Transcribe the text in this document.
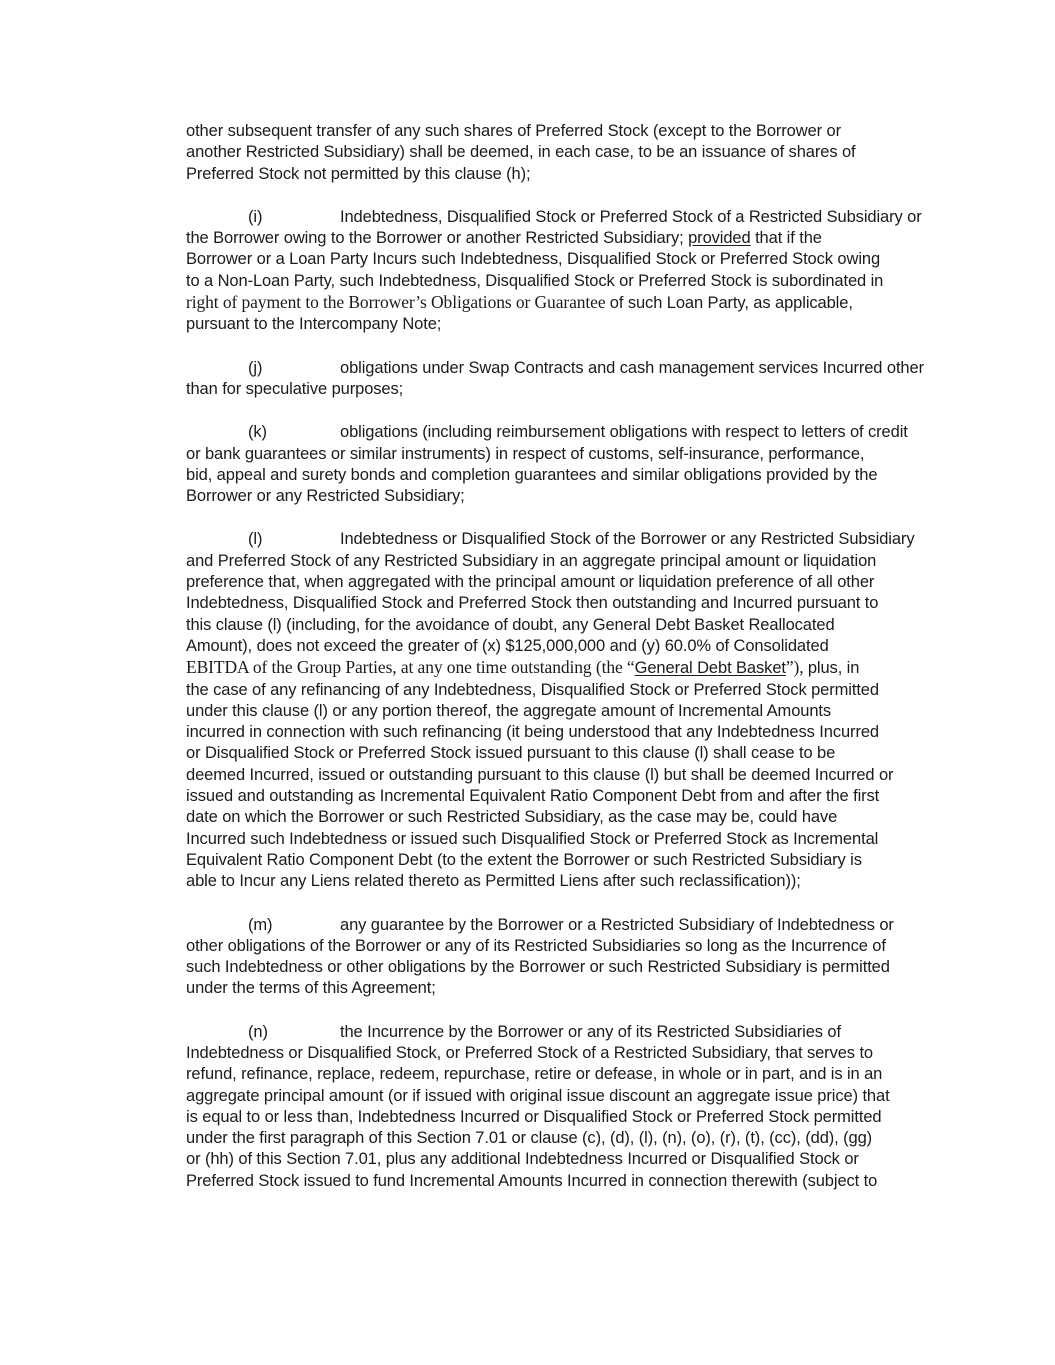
other subsequent transfer of any such shares of Preferred Stock (except to the Borrower or
another Restricted Subsidiary) shall be deemed, in each case, to be an issuance of shares of
Preferred Stock not permitted by this clause (h);
(i)	Indebtedness, Disqualified Stock or Preferred Stock of a Restricted Subsidiary or
the Borrower owing to the Borrower or another Restricted Subsidiary; provided that if the
Borrower or a Loan Party Incurs such Indebtedness, Disqualified Stock or Preferred Stock owing
to a Non-Loan Party, such Indebtedness, Disqualified Stock or Preferred Stock is subordinated in
right of payment to the Borrower’s Obligations or Guarantee of such Loan Party, as applicable,
pursuant to the Intercompany Note;
(j)	obligations under Swap Contracts and cash management services Incurred other
than for speculative purposes;
(k)	obligations (including reimbursement obligations with respect to letters of credit
or bank guarantees or similar instruments) in respect of customs, self-insurance, performance,
bid, appeal and surety bonds and completion guarantees and similar obligations provided by the
Borrower or any Restricted Subsidiary;
(l)	Indebtedness or Disqualified Stock of the Borrower or any Restricted Subsidiary
and Preferred Stock of any Restricted Subsidiary in an aggregate principal amount or liquidation
preference that, when aggregated with the principal amount or liquidation preference of all other
Indebtedness, Disqualified Stock and Preferred Stock then outstanding and Incurred pursuant to
this clause (l) (including, for the avoidance of doubt, any General Debt Basket Reallocated
Amount), does not exceed the greater of (x) $125,000,000 and (y) 60.0% of Consolidated
EBITDA of the Group Parties, at any one time outstanding (the “General Debt Basket”), plus, in
the case of any refinancing of any Indebtedness, Disqualified Stock or Preferred Stock permitted
under this clause (l) or any portion thereof, the aggregate amount of Incremental Amounts
incurred in connection with such refinancing (it being understood that any Indebtedness Incurred
or Disqualified Stock or Preferred Stock issued pursuant to this clause (l) shall cease to be
deemed Incurred, issued or outstanding pursuant to this clause (l) but shall be deemed Incurred or
issued and outstanding as Incremental Equivalent Ratio Component Debt from and after the first
date on which the Borrower or such Restricted Subsidiary, as the case may be, could have
Incurred such Indebtedness or issued such Disqualified Stock or Preferred Stock as Incremental
Equivalent Ratio Component Debt (to the extent the Borrower or such Restricted Subsidiary is
able to Incur any Liens related thereto as Permitted Liens after such reclassification));
(m)	any guarantee by the Borrower or a Restricted Subsidiary of Indebtedness or
other obligations of the Borrower or any of its Restricted Subsidiaries so long as the Incurrence of
such Indebtedness or other obligations by the Borrower or such Restricted Subsidiary is permitted
under the terms of this Agreement;
(n)	the Incurrence by the Borrower or any of its Restricted Subsidiaries of
Indebtedness or Disqualified Stock, or Preferred Stock of a Restricted Subsidiary, that serves to
refund, refinance, replace, redeem, repurchase, retire or defease, in whole or in part, and is in an
aggregate principal amount (or if issued with original issue discount an aggregate issue price) that
is equal to or less than, Indebtedness Incurred or Disqualified Stock or Preferred Stock permitted
under the first paragraph of this Section 7.01 or clause (c), (d), (l), (n), (o), (r), (t), (cc), (dd), (gg)
or (hh) of this Section 7.01, plus any additional Indebtedness Incurred or Disqualified Stock or
Preferred Stock issued to fund Incremental Amounts Incurred in connection therewith (subject to
